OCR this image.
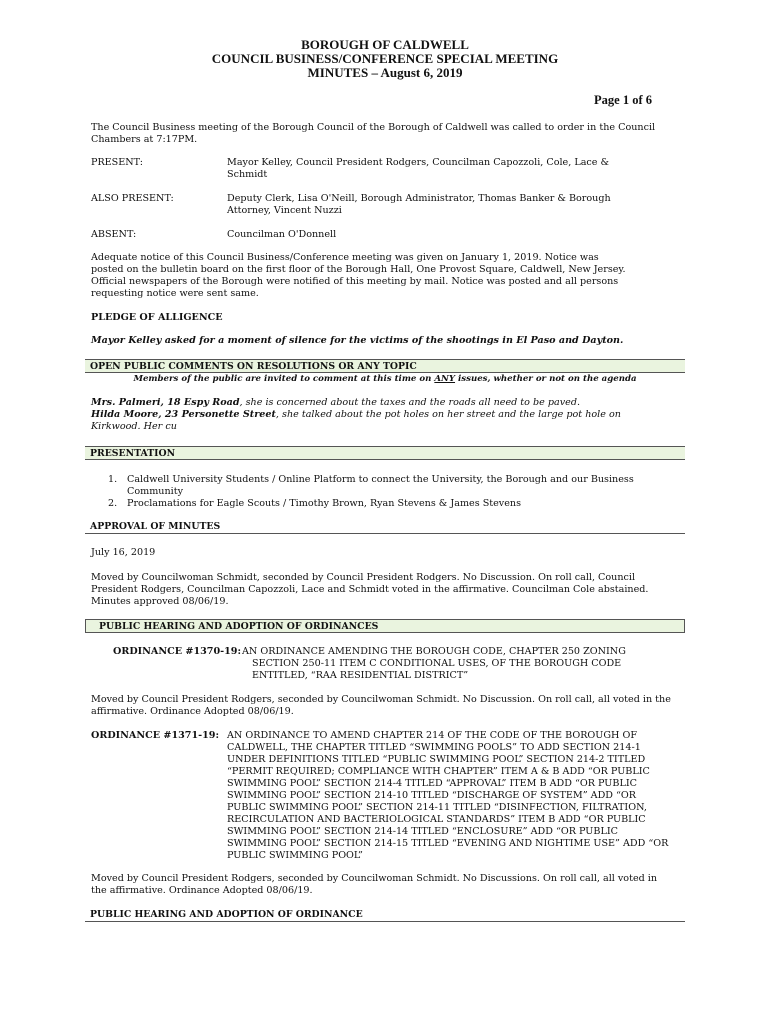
BOROUGH OF CALDWELL
COUNCIL BUSINESS/CONFERENCE SPECIAL MEETING
MINUTES – August 6, 2019
Page 1 of 6
The Council Business meeting of the Borough Council of the Borough of Caldwell was called to order in the Council Chambers at 7:17PM.
PRESENT:	Mayor Kelley, Council President Rodgers, Councilman Capozzoli, Cole, Lace & Schmidt
ALSO PRESENT:	Deputy Clerk, Lisa O'Neill, Borough Administrator, Thomas Banker & Borough Attorney, Vincent Nuzzi
ABSENT:	Councilman O'Donnell
Adequate notice of this Council Business/Conference meeting was given on January 1, 2019. Notice was posted on the bulletin board on the first floor of the Borough Hall, One Provost Square, Caldwell, New Jersey. Official newspapers of the Borough were notified of this meeting by mail. Notice was posted and all persons requesting notice were sent same.
PLEDGE OF ALLIGENCE
Mayor Kelley asked for a moment of silence for the victims of the shootings in El Paso and Dayton.
OPEN PUBLIC COMMENTS ON RESOLUTIONS OR ANY TOPIC
Members of the public are invited to comment at this time on ANY issues, whether or not on the agenda
Mrs. Palmeri, 18 Espy Road, she is concerned about the taxes and the roads all need to be paved.
Hilda Moore, 23 Personette Street, she talked about the pot holes on her street and the large pot hole on Kirkwood. Her cu
PRESENTATION
1. Caldwell University Students / Online Platform to connect the University, the Borough and our Business Community
2. Proclamations for Eagle Scouts / Timothy Brown, Ryan Stevens & James Stevens
APPROVAL OF MINUTES
July 16, 2019
Moved by Councilwoman Schmidt, seconded by Council President Rodgers. No Discussion. On roll call, Council President Rodgers, Councilman Capozzoli, Lace and Schmidt voted in the affirmative. Councilman Cole abstained. Minutes approved 08/06/19.
PUBLIC HEARING AND ADOPTION OF ORDINANCES
ORDINANCE #1370-19: AN ORDINANCE AMENDING THE BOROUGH CODE, CHAPTER 250 ZONING SECTION 250-11 ITEM C CONDITIONAL USES, OF THE BOROUGH CODE ENTITLED, “RAA RESIDENTIAL DISTRICT”
Moved by Council President Rodgers, seconded by Councilwoman Schmidt. No Discussion. On roll call, all voted in the affirmative. Ordinance Adopted 08/06/19.
ORDINANCE #1371-19: AN ORDINANCE TO AMEND CHAPTER 214 OF THE CODE OF THE BOROUGH OF CALDWELL, THE CHAPTER TITLED “SWIMMING POOLS” TO ADD SECTION 214-1 UNDER DEFINITIONS TITLED “PUBLIC SWIMMING POOL” SECTION 214-2 TITLED “PERMIT REQUIRED; COMPLIANCE WITH CHAPTER” ITEM A & B ADD “OR PUBLIC SWIMMING POOL” SECTION 214-4 TITLED “APPROVAL” ITEM B ADD “OR PUBLIC SWIMMING POOL” SECTION 214-10 TITLED “DISCHARGE OF SYSTEM” ADD “OR PUBLIC SWIMMING POOL” SECTION 214-11 TITLED “DISINFECTION, FILTRATION, RECIRCULATION AND BACTERIOLOGICAL STANDARDS” ITEM B ADD “OR PUBLIC SWIMMING POOL” SECTION 214-14 TITLED “ENCLOSURE” ADD “OR PUBLIC SWIMMING POOL” SECTION 214-15 TITLED “EVENING AND NIGHTIME USE” ADD “OR PUBLIC SWIMMING POOL”
Moved by Council President Rodgers, seconded by Councilwoman Schmidt. No Discussions. On roll call, all voted in the affirmative. Ordinance Adopted 08/06/19.
PUBLIC HEARING AND ADOPTION OF ORDINANCE
